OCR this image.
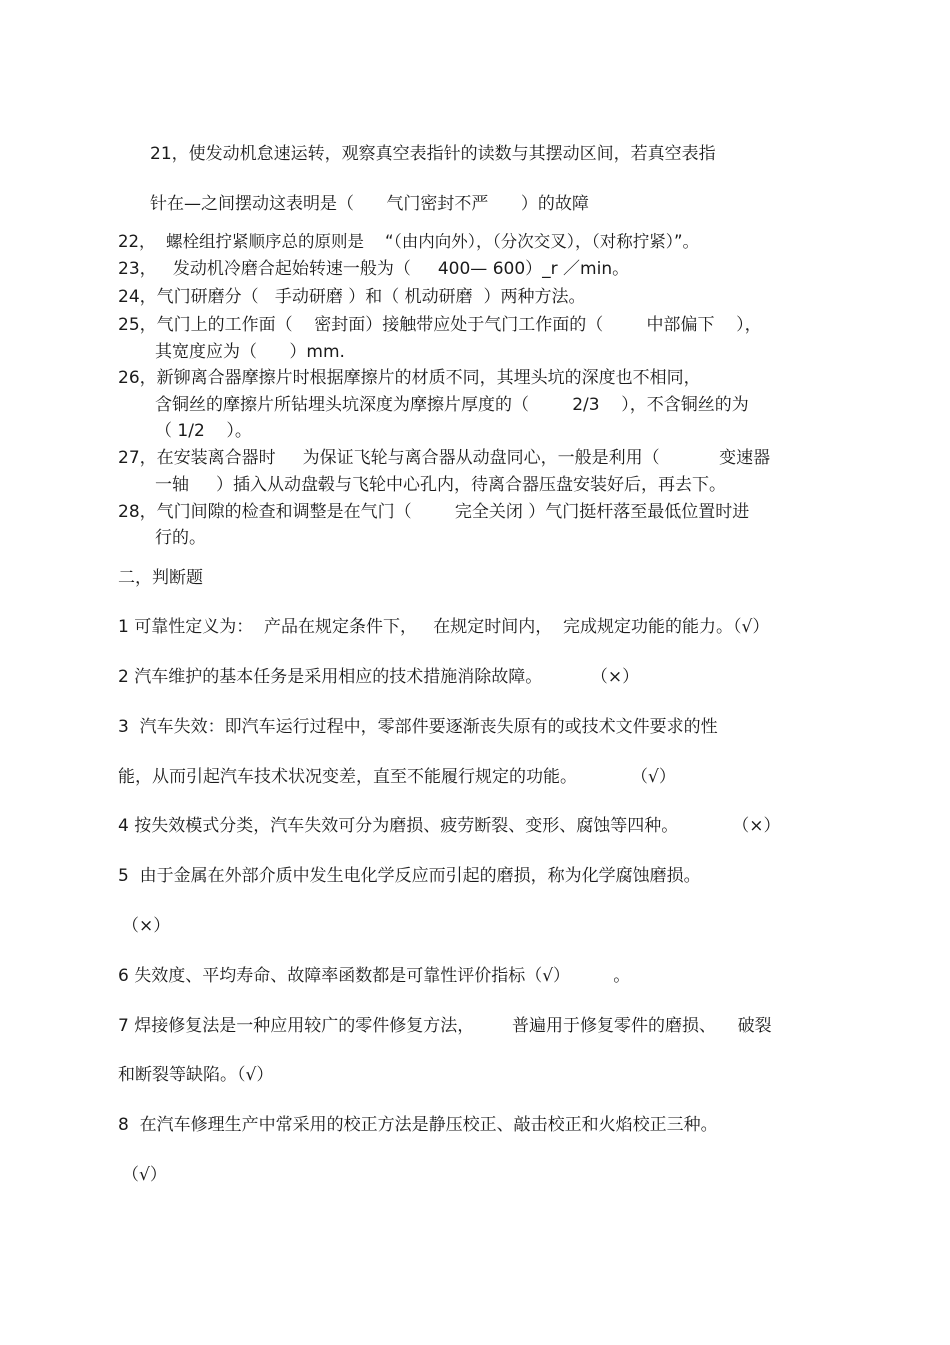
21，使发动机怠速运转，观察真空表指针的读数与其摆动区间，若真空表指
针在—之间摆动这表明是（      气门密封不严      ）的故障
22，  螺栓组拧紧顺序总的原则是    “（由内向外），（分次交叉），（对称拧紧）”。
23，   发动机冷磨合起始转速一般为（     400— 600）_r ／min。
24，气门研磨分（   手动研磨 ）和（ 机动研磨  ）两种方法。
25，气门上的工作面（    密封面）接触带应处于气门工作面的（        中部偏下    ），
其宽度应为（      ）mm.
26，新铆离合器摩擦片时根据摩擦片的材质不同，其埋头坑的深度也不相同，
含铜丝的摩擦片所钻埋头坑深度为摩擦片厚度的（        2/3    ），不含铜丝的为
（ 1/2    ）。
27，在安装离合器时     为保证飞轮与离合器从动盘同心，一般是利用（           变速器
一轴     ）插入从动盘毂与飞轮中心孔内，待离合器压盘安装好后，再去下。
28，气门间隙的检查和调整是在气门（        完全关闭 ）气门挺杆落至最低位置时进
行的。
二，判断题
1 可靠性定义为：  产品在规定条件下，   在规定时间内，  完成规定功能的能力。（√）
2 汽车维护的基本任务是采用相应的技术措施消除故障。         （×）
3  汽车失效：即汽车运行过程中，零部件要逐渐丧失原有的或技术文件要求的性
能，从而引起汽车技术状况变差，直至不能履行规定的功能。          （√）
4 按失效模式分类，汽车失效可分为磨损、疲劳断裂、变形、腐蚀等四种。          （×）
5  由于金属在外部介质中发生电化学反应而引起的磨损，称为化学腐蚀磨损。
（×）
6 失效度、平均寿命、故障率函数都是可靠性评价指标（√）        。
7 焊接修复法是一种应用较广的零件修复方法，       普遍用于修复零件的磨损、    破裂
和断裂等缺陷。（√）
8  在汽车修理生产中常采用的校正方法是静压校正、敲击校正和火焰校正三种。
（√）
